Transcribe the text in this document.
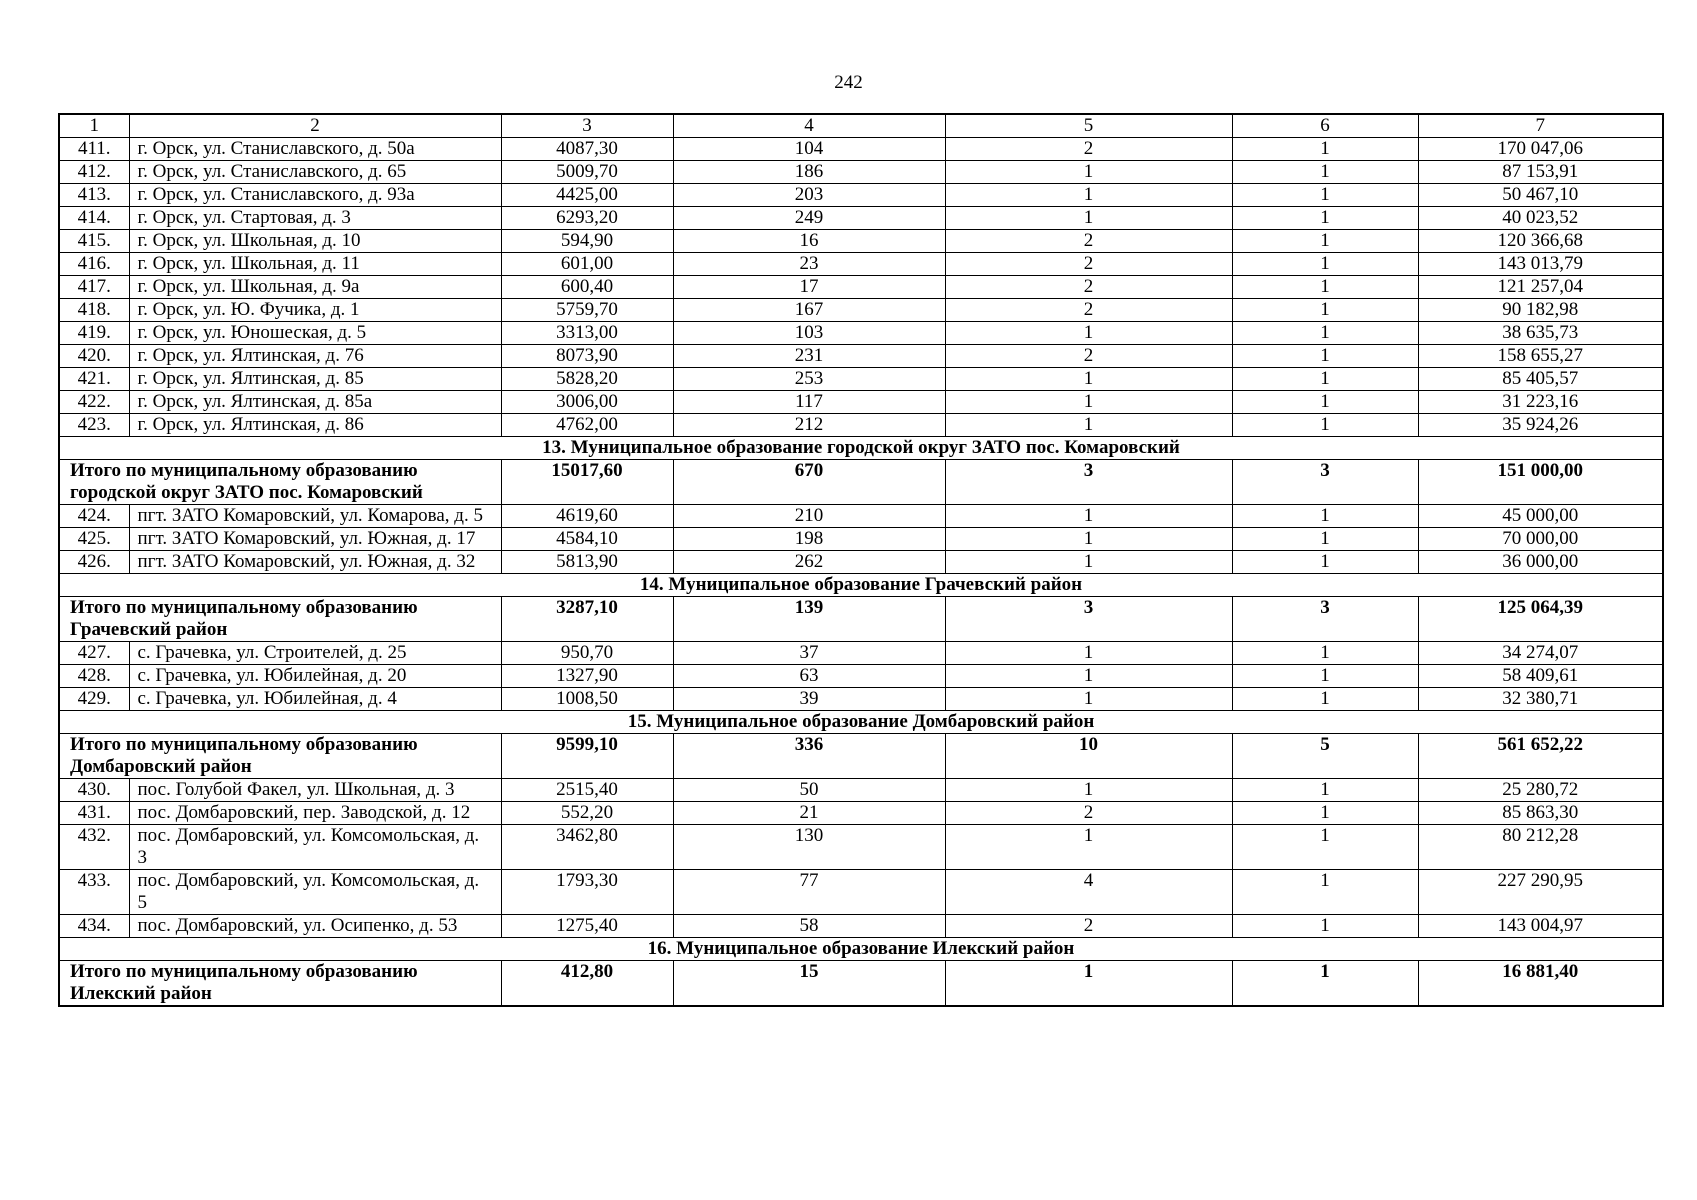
242
1	2	3	4	5	6	7
411.	г. Орск, ул. Станиславского, д. 50а	4087,30	104	2	1	170 047,06
412.	г. Орск, ул. Станиславского, д. 65	5009,70	186	1	1	87 153,91
413.	г. Орск, ул. Станиславского, д. 93а	4425,00	203	1	1	50 467,10
414.	г. Орск, ул. Стартовая, д. 3	6293,20	249	1	1	40 023,52
415.	г. Орск, ул. Школьная, д. 10	594,90	16	2	1	120 366,68
416.	г. Орск, ул. Школьная, д. 11	601,00	23	2	1	143 013,79
417.	г. Орск, ул. Школьная, д. 9а	600,40	17	2	1	121 257,04
418.	г. Орск, ул. Ю. Фучика, д. 1	5759,70	167	2	1	90 182,98
419.	г. Орск, ул. Юношеская, д. 5	3313,00	103	1	1	38 635,73
420.	г. Орск, ул. Ялтинская, д. 76	8073,90	231	2	1	158 655,27
421.	г. Орск, ул. Ялтинская, д. 85	5828,20	253	1	1	85 405,57
422.	г. Орск, ул. Ялтинская, д. 85а	3006,00	117	1	1	31 223,16
423.	г. Орск, ул. Ялтинская, д. 86	4762,00	212	1	1	35 924,26
13. Муниципальное образование городской округ ЗАТО пос. Комаровский						
Итого по муниципальному образованию городской округ ЗАТО пос. Комаровский		15017,60	670	3	3	151 000,00
424.	пгт. ЗАТО Комаровский, ул. Комарова, д. 5	4619,60	210	1	1	45 000,00
425.	пгт. ЗАТО Комаровский, ул. Южная, д. 17	4584,10	198	1	1	70 000,00
426.	пгт. ЗАТО Комаровский, ул. Южная, д. 32	5813,90	262	1	1	36 000,00
14. Муниципальное образование Грачевский район						
Итого по муниципальному образованию Грачевский район		3287,10	139	3	3	125 064,39
427.	с. Грачевка, ул. Строителей, д. 25	950,70	37	1	1	34 274,07
428.	с. Грачевка, ул. Юбилейная, д. 20	1327,90	63	1	1	58 409,61
429.	с. Грачевка, ул. Юбилейная, д. 4	1008,50	39	1	1	32 380,71
15. Муниципальное образование Домбаровский район						
Итого по муниципальному образованию Домбаровский район		9599,10	336	10	5	561 652,22
430.	пос. Голубой Факел, ул. Школьная, д. 3	2515,40	50	1	1	25 280,72
431.	пос. Домбаровский, пер. Заводской, д. 12	552,20	21	2	1	85 863,30
432.	пос. Домбаровский, ул. Комсомольская, д. 3	3462,80	130	1	1	80 212,28
433.	пос. Домбаровский, ул. Комсомольская, д. 5	1793,30	77	4	1	227 290,95
434.	пос. Домбаровский, ул. Осипенко, д. 53	1275,40	58	2	1	143 004,97
16. Муниципальное образование Илекский район						
Итого по муниципальному образованию Илекский район		412,80	15	1	1	16 881,40
